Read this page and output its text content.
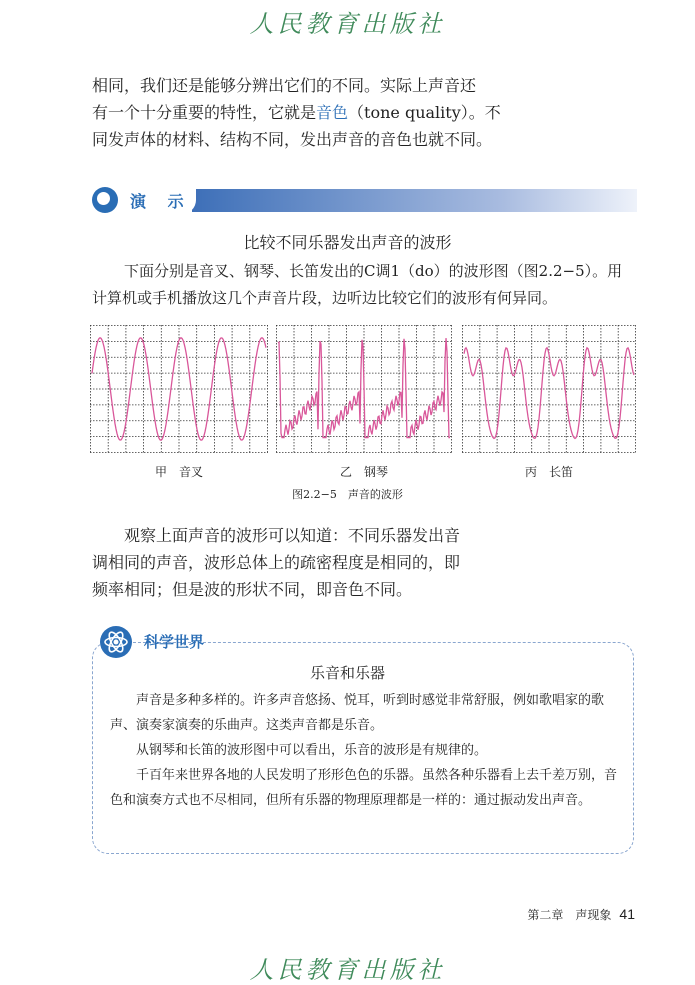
人民教育出版社

相同，我们还是能够分辨出它们的不同。实际上声音还

有一个十分重要的特性，它就是音色（tone quality）。不

同发声体的材料、结构不同，发出声音的音色也就不同。

演 示
比较不同乐器发出声音的波形

下面分别是音叉、钢琴、长笛发出的C调1（do）的波形图（图2.2−5）。用

计算机或手机播放这几个声音片段，边听边比较它们的波形有何异同。

甲　音叉	乙　钢琴	丙　长笛
图2.2−5　声音的波形

观察上面声音的波形可以知道：不同乐器发出音

调相同的声音，波形总体上的疏密程度是相同的，即

频率相同；但是波的形状不同，即音色不同。

科学世界
乐音和乐器

　　声音是多种多样的。许多声音悠扬、悦耳，听到时感觉非常舒服，例如歌唱家的歌声、演奏家演奏的乐曲声。这类声音都是乐音。

　　从钢琴和长笛的波形图中可以看出，乐音的波形是有规律的。

　　千百年来世界各地的人民发明了形形色色的乐器。虽然各种乐器看上去千差万别，音色和演奏方式也不尽相同，但所有乐器的物理原理都是一样的：通过振动发出声音。

第二章　声现象 41
人民教育出版社
